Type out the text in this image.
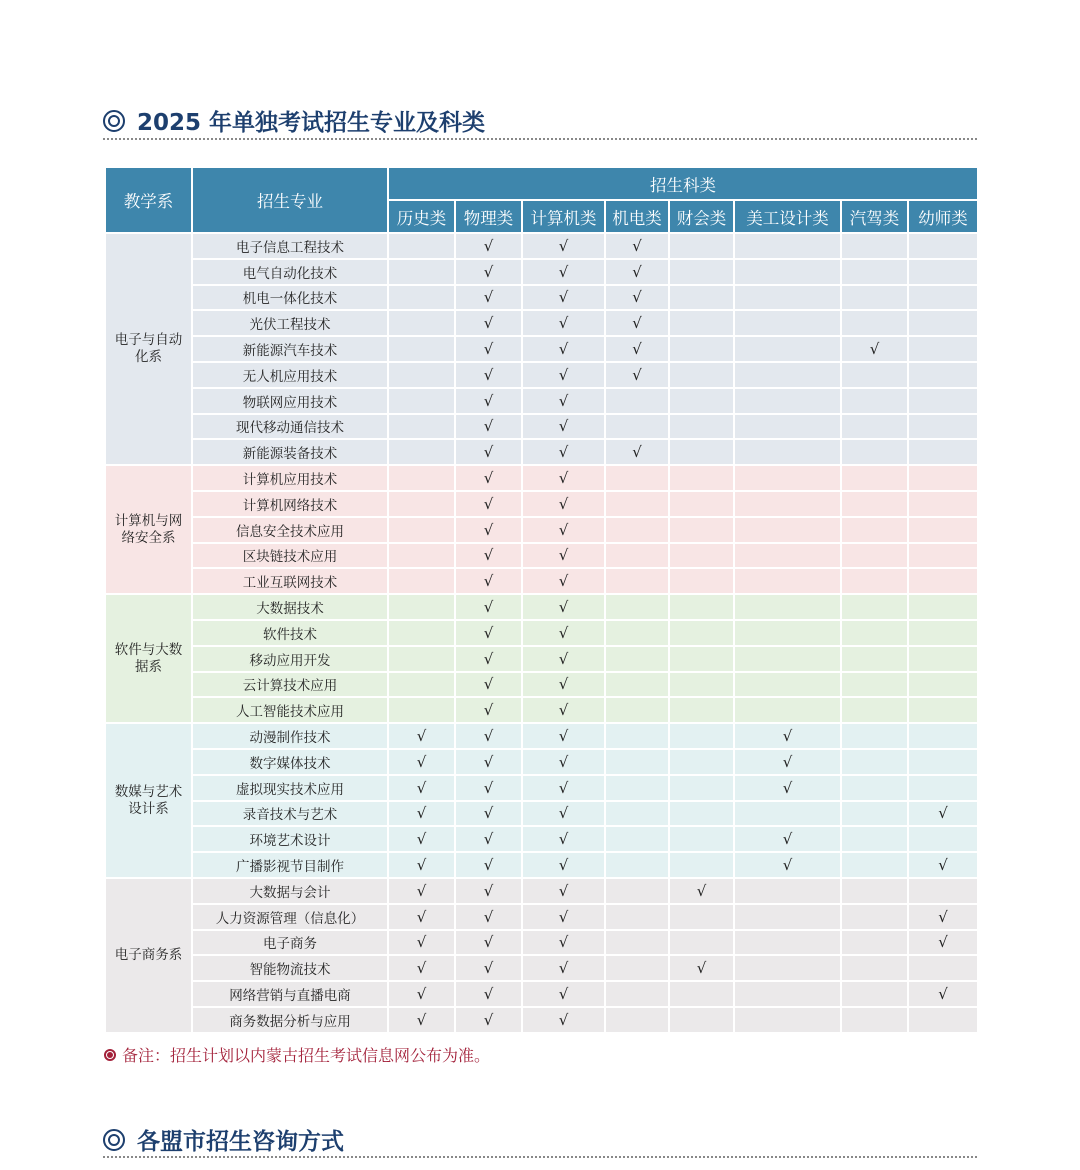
2025 年单独考试招生专业及科类
教学系	招生专业	招生科类							
		历史类	物理类	计算机类	机电类	财会类	美工设计类	汽驾类	幼师类
电子与自动化系	电子信息工程技术		√	√	√				
	电气自动化技术		√	√	√				
	机电一体化技术		√	√	√				
	光伏工程技术		√	√	√				
	新能源汽车技术		√	√	√			√	
	无人机应用技术		√	√	√				
	物联网应用技术		√	√					
	现代移动通信技术		√	√					
	新能源装备技术		√	√	√				
计算机与网络安全系	计算机应用技术		√	√					
	计算机网络技术		√	√					
	信息安全技术应用		√	√					
	区块链技术应用		√	√					
	工业互联网技术		√	√					
软件与大数据系	大数据技术		√	√					
	软件技术		√	√					
	移动应用开发		√	√					
	云计算技术应用		√	√					
	人工智能技术应用		√	√					
数媒与艺术设计系	动漫制作技术	√	√	√			√		
	数字媒体技术	√	√	√			√		
	虚拟现实技术应用	√	√	√			√		
	录音技术与艺术	√	√	√					√
	环境艺术设计	√	√	√			√		
	广播影视节目制作	√	√	√			√		√
电子商务系	大数据与会计	√	√	√		√			
	人力资源管理（信息化）	√	√	√					√
	电子商务	√	√	√					√
	智能物流技术	√	√	√		√			
	网络营销与直播电商	√	√	√					√
	商务数据分析与应用	√	√	√					
备注：招生计划以内蒙古招生考试信息网公布为准。
各盟市招生咨询方式
